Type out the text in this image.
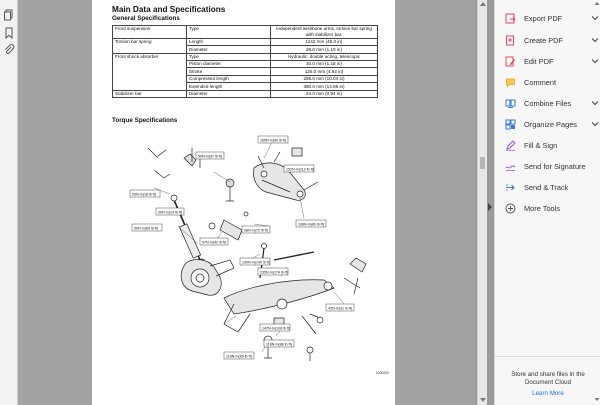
Main Data and Specifications
General Specifications
Front suspension	Type	Independent wishbone arms, torsion bar spring with stabilizer bar.
Torsion bar spring	Length	1142 mm (45.0 in)
	Diameter	28.0 mm (1.10 in)
Front shock absorber	Type	Hydraulic, double acting, telescopic
	Piston diameter	30.0 mm (1.18 in)
	Stroke	125.0 mm (4.92 in)
	Compressed length	255.0 mm (10.04 in)
	Extended length	380.0 mm (14.96 in)
Stabilizer bar	Diameter	24.0 mm (0.94 in)
Torque Specifications
50N·m(37 lb·ft)
165N·m(90 lb·ft)
25N·m(18 lb·ft)
152N·m(112 lb·ft)
20N·m(14 lb·ft)
50N·m(69 lb·ft)
108N·m(80 lb·ft)
98N·m(72 lb·ft)
57N·m(42 lb·ft)
190N·m(140 lb·ft)
235N·m(174 lb·ft)
42N·m(31 lb·ft)
147N·m(108 lb·ft)
118N·m(88 lb·ft)
118N·m(85 lb·ft)
1000000
Export PDF
Create PDF
Edit PDF
Comment
Combine Files
Organize Pages
Fill & Sign
Send for Signature
Send & Track
More Tools
Store and share files in the Document Cloud
Learn More
